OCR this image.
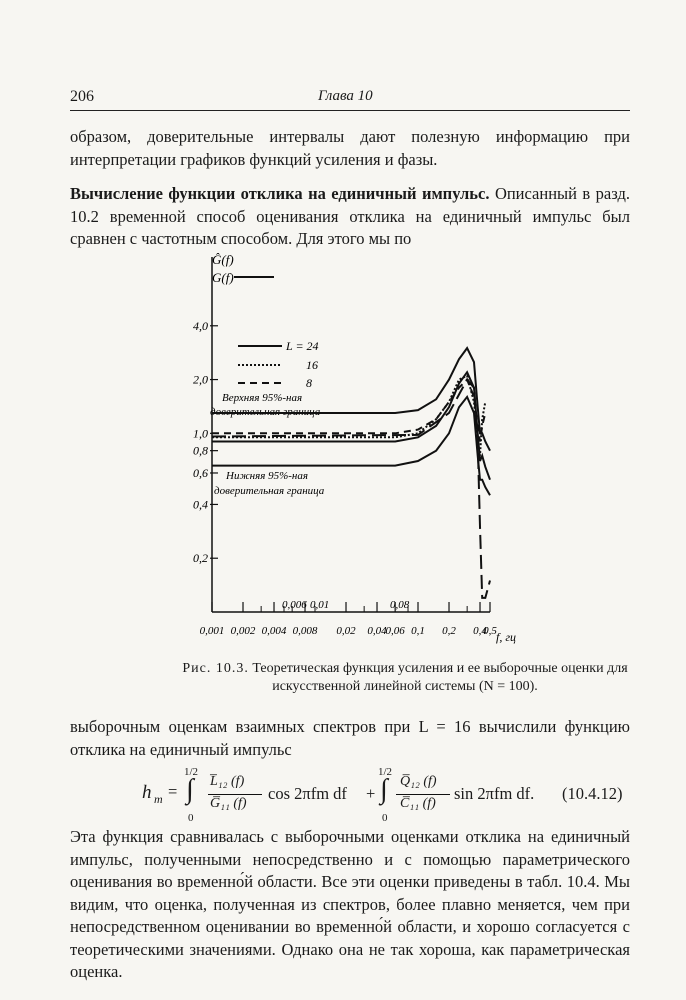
206	Глава 10

образом, доверительные интервалы дают полезную информацию при интерпретации графиков функций усиления и фазы.

Вычисление функции отклика на единичный импульс. Описанный в разд. 10.2 временной способ оценивания отклика на единичный импульс был сравнен с частотным способом. Для этого мы по

Ĝ(f)
G(f)
L = 24
16
8
Верхняя 95%-ная
доверительная граница
Нижняя 95%-ная
доверительная граница
0,006 0,01	0,08
0,001 0,002 0,004 0,008 0,02 0,04
0,06 0,1 0,2 0,4
0,5
0,2
0,4
0,6
0,8
1,0
2,0
4,0
f, гц
Рис. 10.3. Теоретическая функция усиления и ее выборочные оценки для искусственной линейной системы (N = 100).

выборочным оценкам взаимных спектров при L = 16 вычислили функцию отклика на единичный импульс

h m =
1/2
∫
0
L̅₁₂ (f)
G̅₁₁ (f)
cos 2πfm df +
1/2
∫
0
Q̅₁₂ (f)
C̅₁₁ (f)
sin 2πfm df. (10.4.12)

Эта функция сравнивалась с выборочными оценками отклика на единичный импульс, полученными непосредственно и с помощью параметрического оценивания во временно́й области. Все эти оценки приведены в табл. 10.4. Мы видим, что оценка, полученная из спектров, более плавно меняется, чем при непосредственном оценивании во временно́й области, и хорошо согласуется с теоретическими значениями. Однако она не так хороша, как параметрическая оценка.
